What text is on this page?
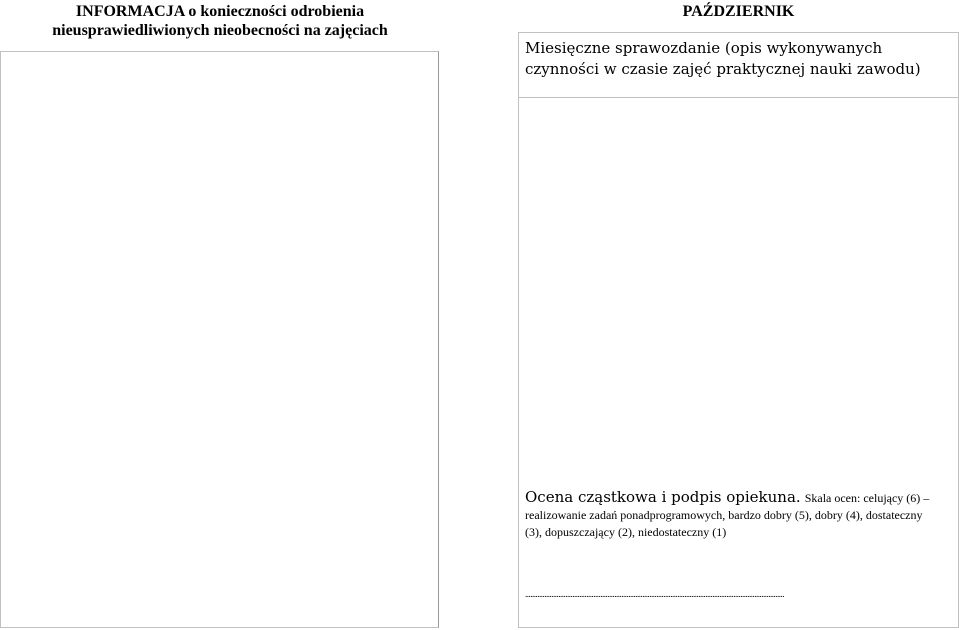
INFORMACJA o konieczności odrobienia
nieusprawiedliwionych nieobecności na zajęciach
PAŹDZIERNIK
Miesięczne sprawozdanie (opis wykonywanych
czynności w czasie zajęć praktycznej nauki zawodu)
Ocena cząstkowa i podpis opiekuna. Skala ocen: celujący (6) –
realizowanie zadań ponadprogramowych, bardzo dobry (5), dobry (4), dostateczny
(3), dopuszczający (2), niedostateczny (1)
....................................................................................................................................................
